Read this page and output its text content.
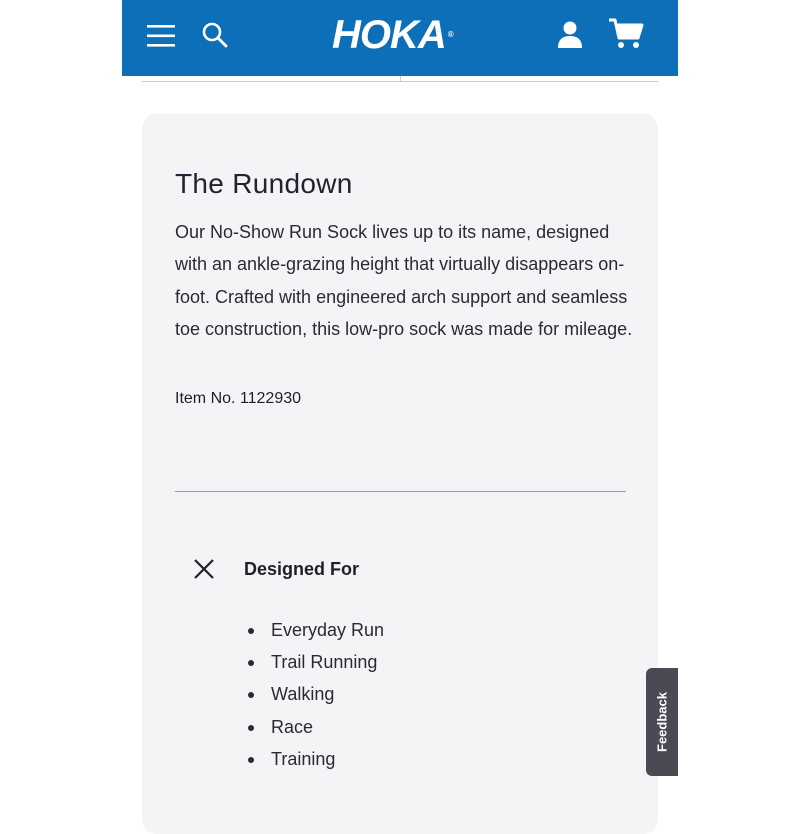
HOKA ®
The Rundown

Our No-Show Run Sock lives up to its name, designed with an ankle-grazing height that virtually disappears on-foot. Crafted with engineered arch support and seamless toe construction, this low-pro sock was made for mileage.

Item No. 1122930
Designed For
Everyday Run
Trail Running
Walking
Race
Training
Feedback
